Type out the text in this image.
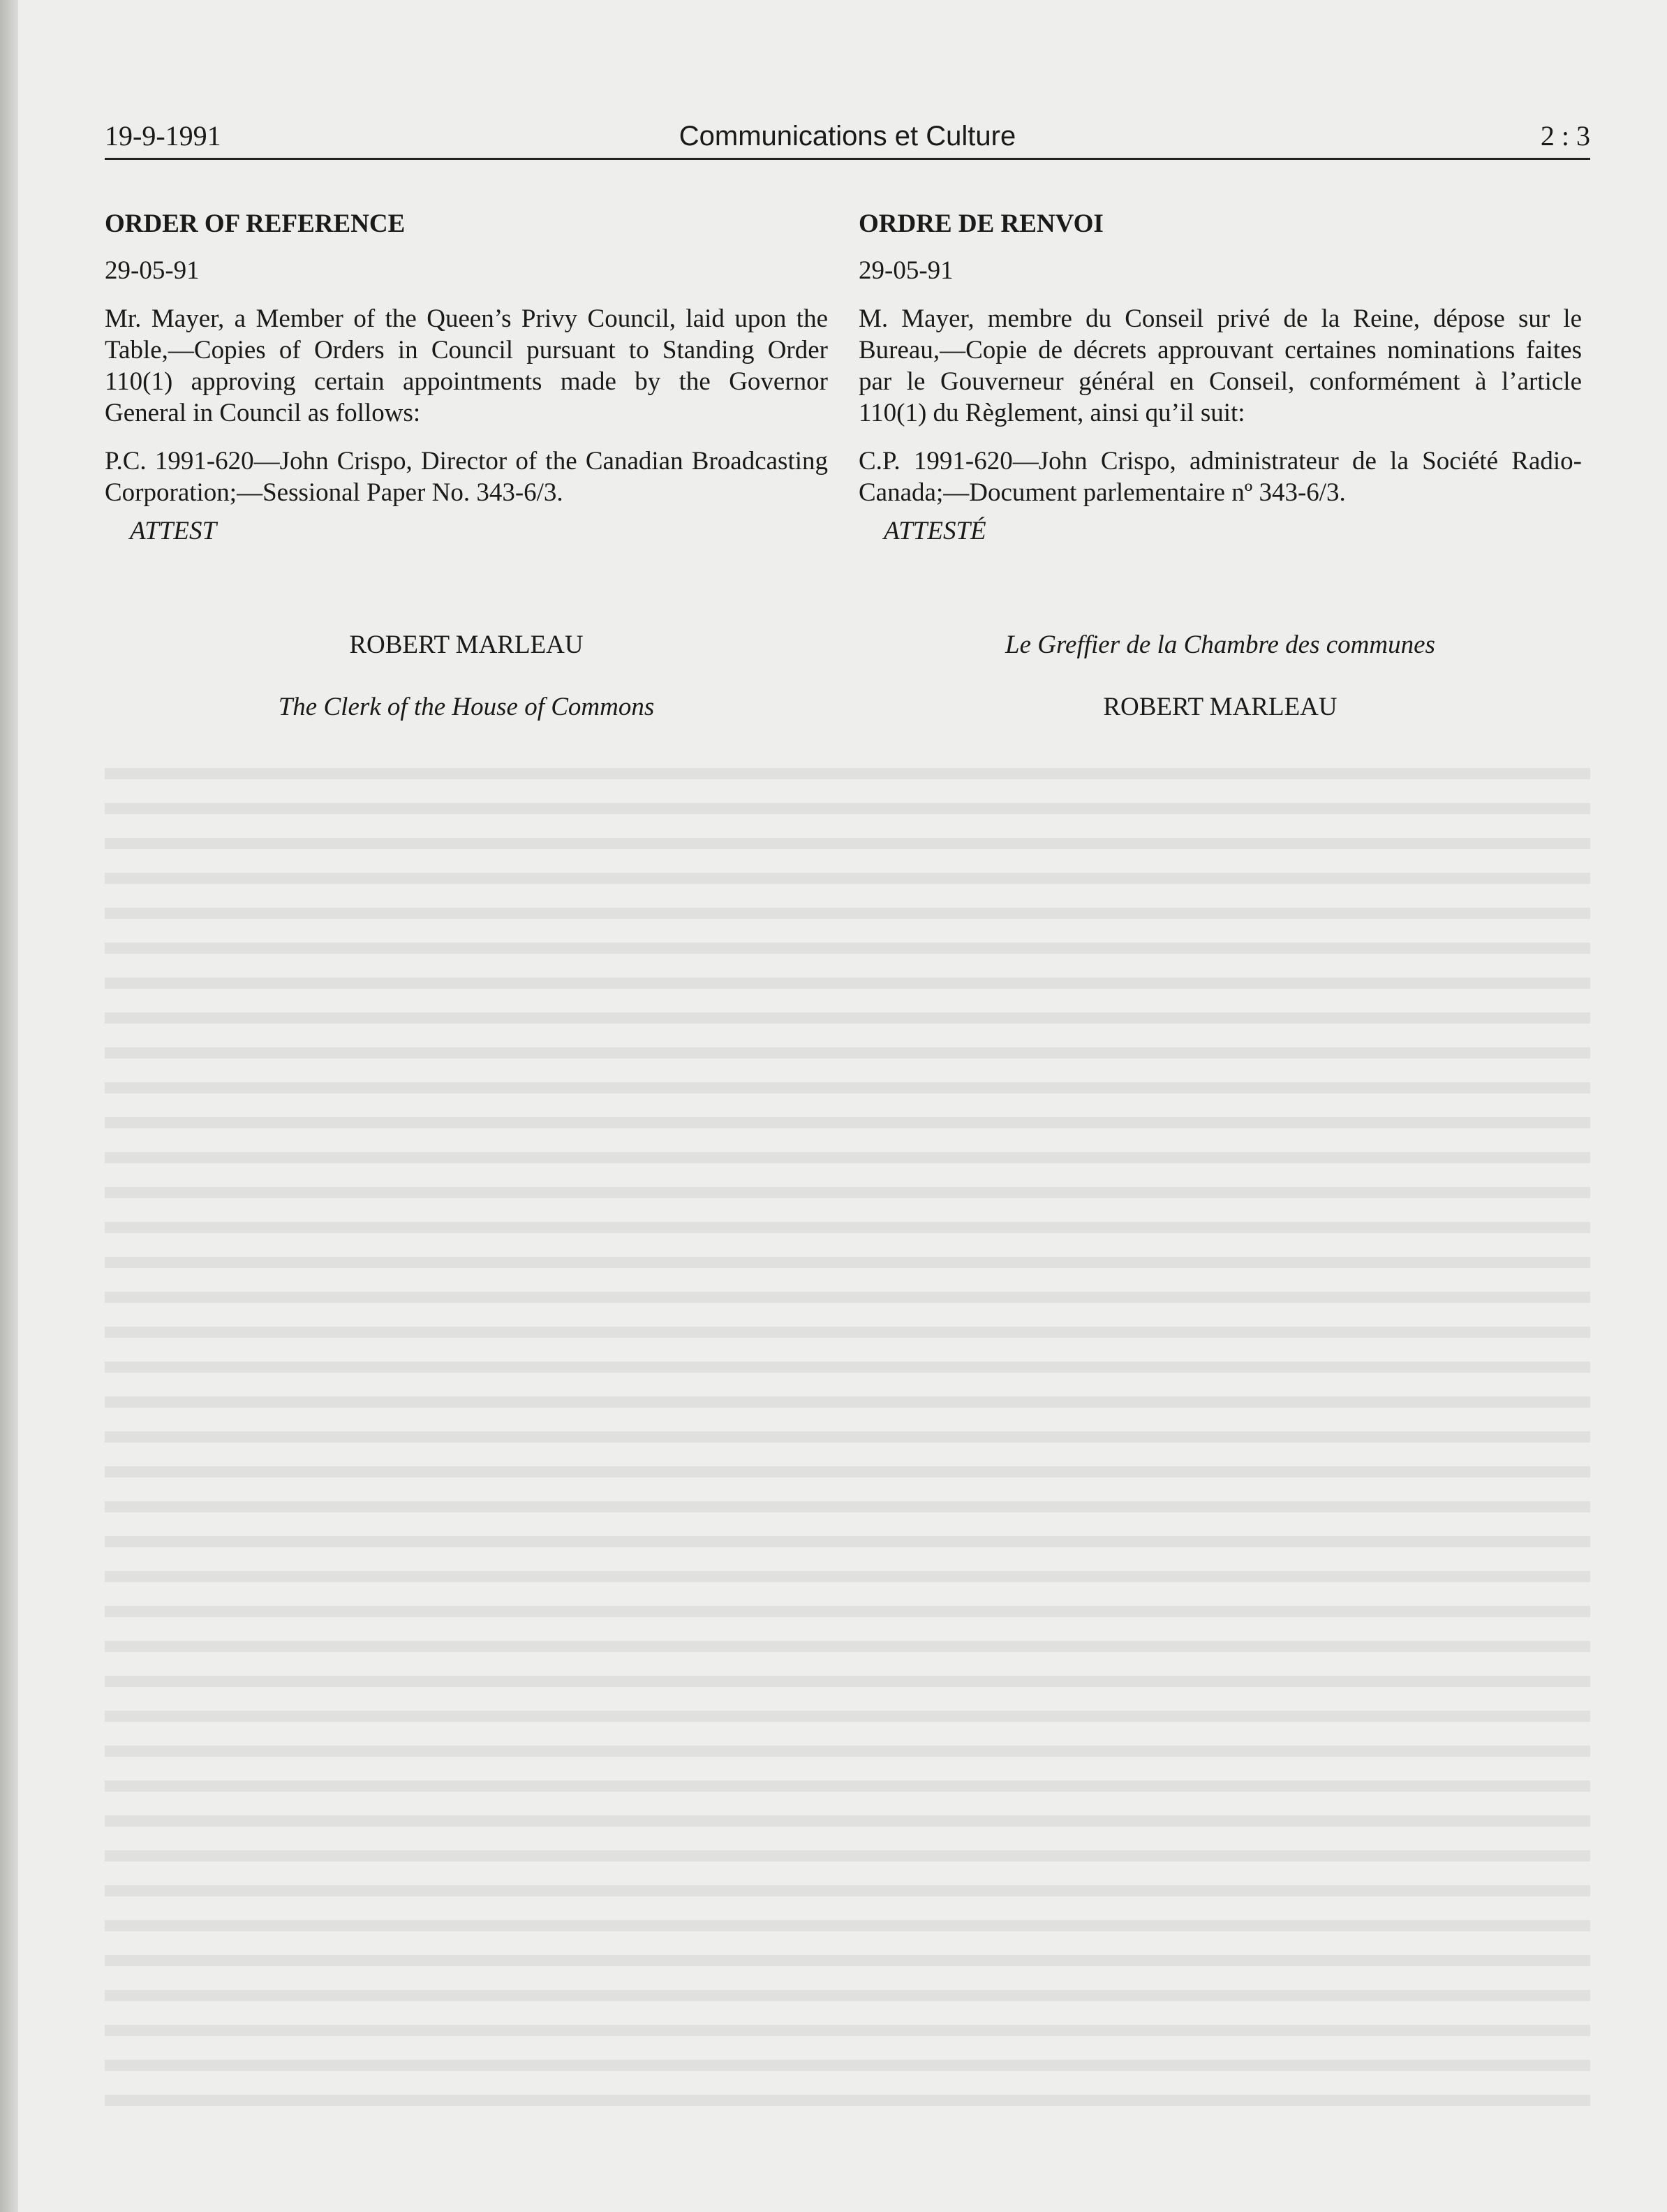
19-9-1991	Communications et Culture	2 : 3
ORDER OF REFERENCE
29-05-91
Mr. Mayer, a Member of the Queen’s Privy Council, laid upon the Table,—Copies of Orders in Council pursuant to Standing Order 110(1) approving certain appointments made by the Governor General in Council as follows:
P.C. 1991-620—John Crispo, Director of the Canadian Broadcasting Corporation;—Sessional Paper No. 343-6/3.
ATTEST
ROBERT MARLEAU
The Clerk of the House of Commons
ORDRE DE RENVOI
29-05-91
M. Mayer, membre du Conseil privé de la Reine, dépose sur le Bureau,—Copie de décrets approuvant certaines nominations faites par le Gouverneur général en Conseil, conformément à l’article 110(1) du Règlement, ainsi qu’il suit:
C.P. 1991-620—John Crispo, administrateur de la Société Radio-Canada;—Document parlementaire nº 343-6/3.
ATTESTÉ
Le Greffier de la Chambre des communes
ROBERT MARLEAU
